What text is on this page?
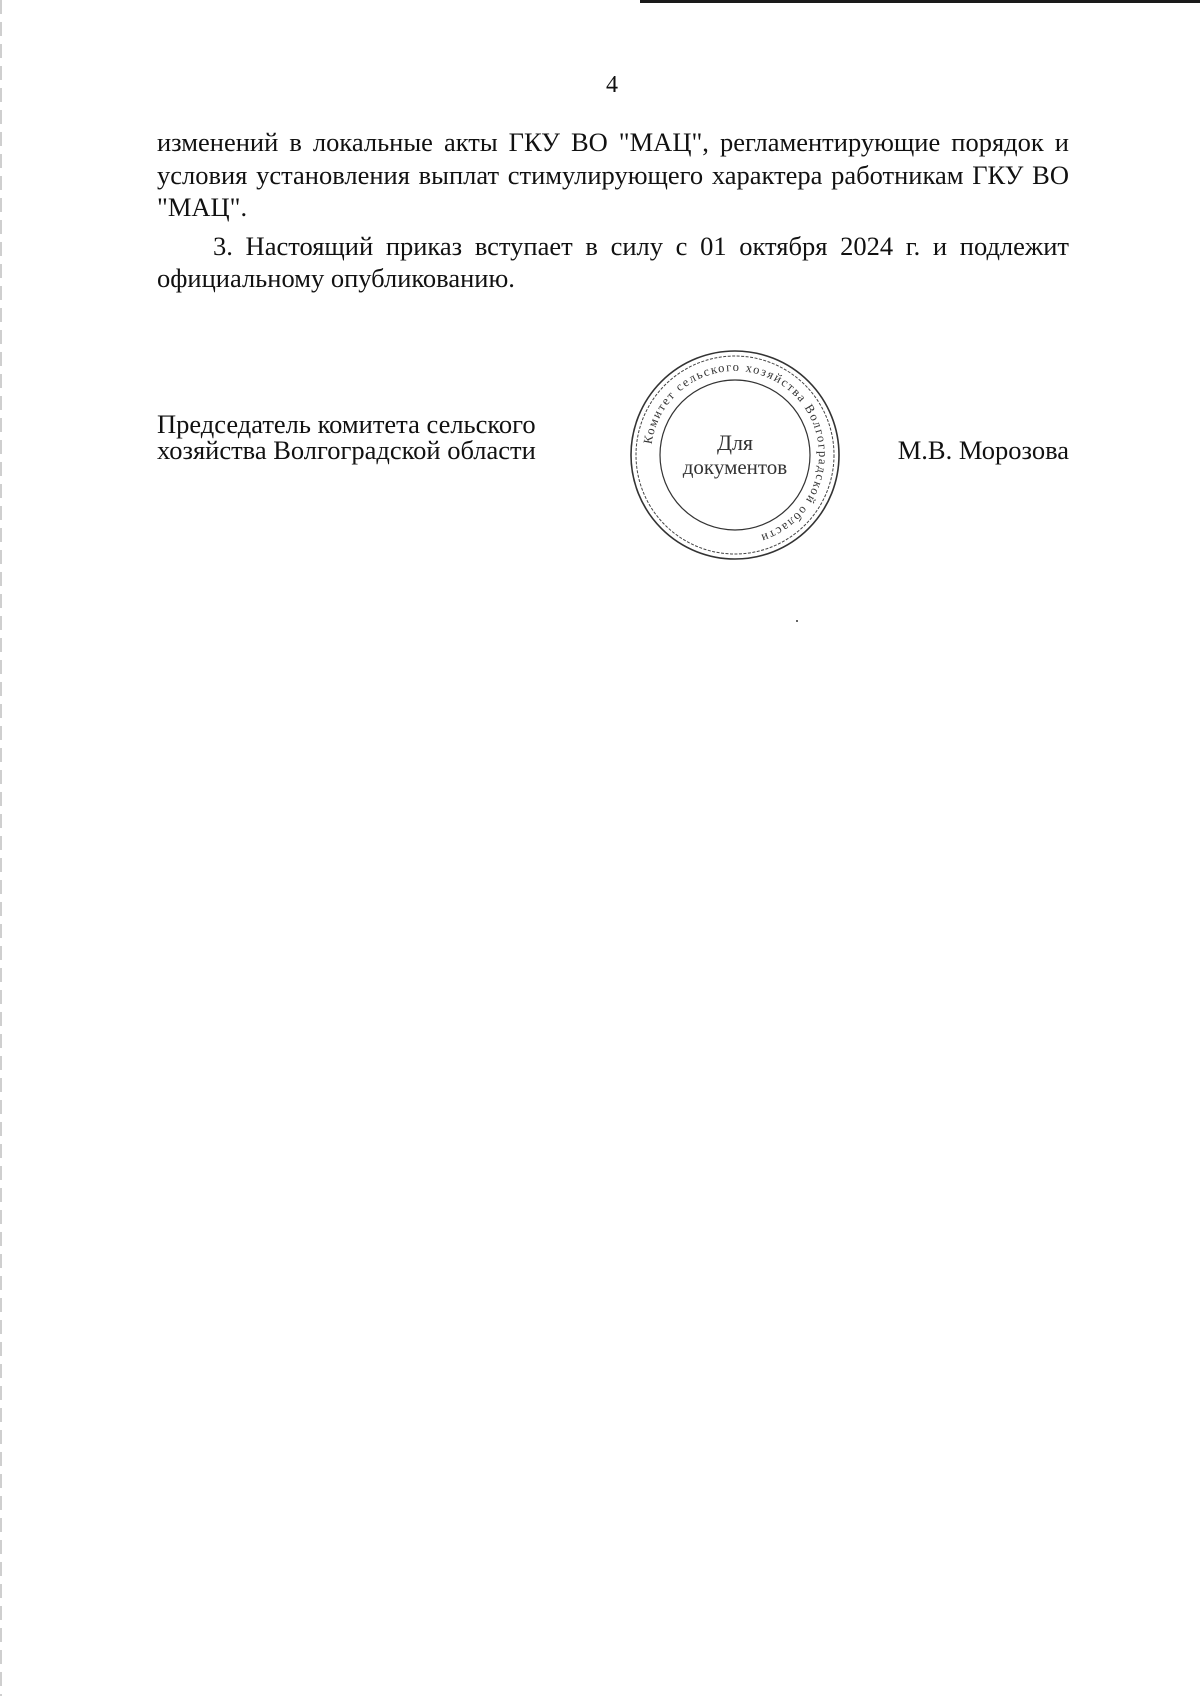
4

изменений в локальные акты ГКУ ВО "МАЦ", регламентирующие порядок и условия установления выплат стимулирующего характера работникам ГКУ ВО "МАЦ".

3. Настоящий приказ вступает в силу с 01 октября 2024 г. и подлежит официальному опубликованию.

Председатель комитета сельского
хозяйства Волгоградской области	Комитет сельского хозяйства Волгоградской области
Для
документов
М.В. Морозова
